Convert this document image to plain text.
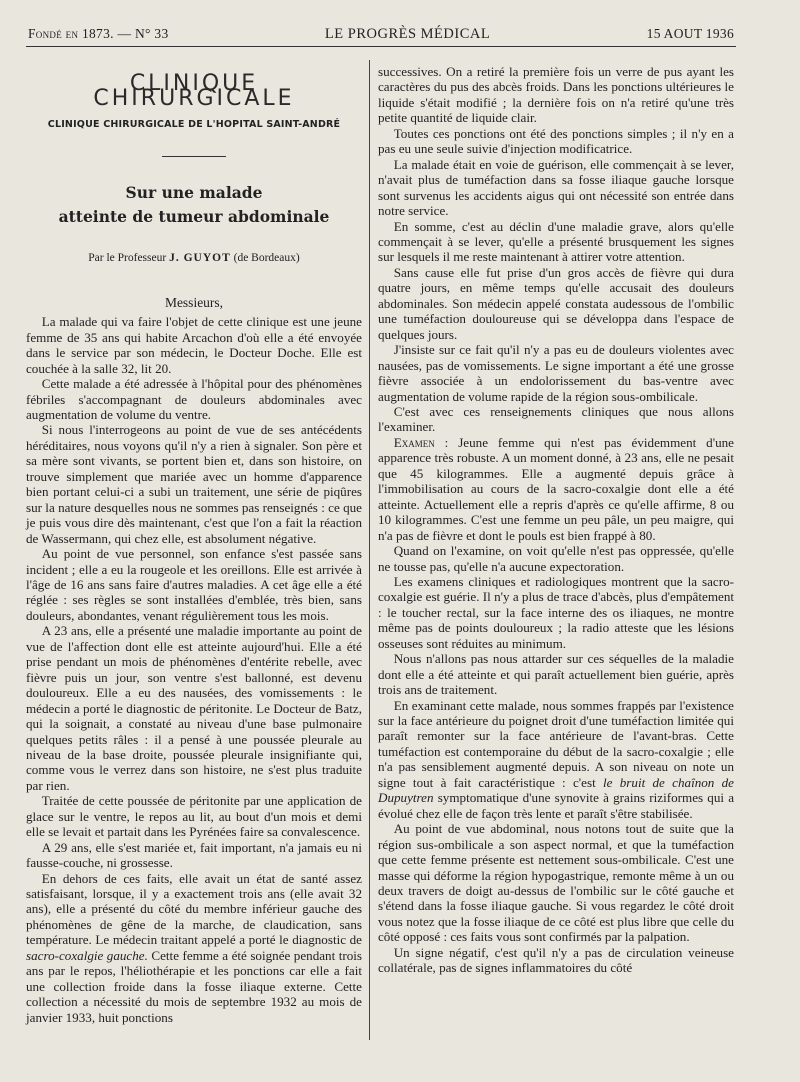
Fondé en 1873. — N° 33	LE PROGRÈS MÉDICAL	15 AOUT 1936
CLINIQUE CHIRURGICALE
CLINIQUE CHIRURGICALE DE L'HOPITAL SAINT-ANDRÉ
Sur une malade
atteinte de tumeur abdominale
Par le Professeur J. GUYOT (de Bordeaux)
Messieurs,

La malade qui va faire l'objet de cette clinique est une jeune femme de 35 ans qui habite Arcachon d'où elle a été envoyée dans le service par son médecin, le Docteur Doche. Elle est couchée à la salle 32, lit 20.

Cette malade a été adressée à l'hôpital pour des phénomènes fébriles s'accompagnant de douleurs abdominales avec augmentation de volume du ventre.

Si nous l'interrogeons au point de vue de ses antécédents héréditaires, nous voyons qu'il n'y a rien à signaler. Son père et sa mère sont vivants, se portent bien et, dans son histoire, on trouve simplement que mariée avec un homme d'apparence bien portant celui-ci a subi un traitement, une série de piqûres sur la nature desquelles nous ne sommes pas renseignés : ce que je puis vous dire dès maintenant, c'est que l'on a fait la réaction de Wassermann, qui chez elle, est absolument négative.

Au point de vue personnel, son enfance s'est passée sans incident ; elle a eu la rougeole et les oreillons. Elle est arrivée à l'âge de 16 ans sans faire d'autres maladies. A cet âge elle a été réglée : ses règles se sont installées d'emblée, très bien, sans douleurs, abondantes, venant régulièrement tous les mois.

A 23 ans, elle a présenté une maladie importante au point de vue de l'affection dont elle est atteinte aujourd'hui. Elle a été prise pendant un mois de phénomènes d'entérite rebelle, avec fièvre puis un jour, son ventre s'est ballonné, est devenu douloureux. Elle a eu des nausées, des vomissements : le médecin a porté le diagnostic de péritonite. Le Docteur de Batz, qui la soignait, a constaté au niveau d'une base pulmonaire quelques petits râles : il a pensé à une poussée pleurale au niveau de la base droite, poussée pleurale insignifiante qui, comme vous le verrez dans son histoire, ne s'est plus traduite par rien.

Traitée de cette poussée de péritonite par une application de glace sur le ventre, le repos au lit, au bout d'un mois et demi elle se levait et partait dans les Pyrénées faire sa convalescence.

A 29 ans, elle s'est mariée et, fait important, n'a jamais eu ni fausse-couche, ni grossesse.

En dehors de ces faits, elle avait un état de santé assez satisfaisant, lorsque, il y a exactement trois ans (elle avait 32 ans), elle a présenté du côté du membre inférieur gauche des phénomènes de gêne de la marche, de claudication, sans température. Le médecin traitant appelé a porté le diagnostic de sacro-coxalgie gauche. Cette femme a été soignée pendant trois ans par le repos, l'héliothérapie et les ponctions car elle a fait une collection froide dans la fosse iliaque externe. Cette collection a nécessité du mois de septembre 1932 au mois de janvier 1933, huit ponctions

successives. On a retiré la première fois un verre de pus ayant les caractères du pus des abcès froids. Dans les ponctions ultérieures le liquide s'était modifié ; la dernière fois on n'a retiré qu'une très petite quantité de liquide clair.

Toutes ces ponctions ont été des ponctions simples ; il n'y en a pas eu une seule suivie d'injection modificatrice.

La malade était en voie de guérison, elle commençait à se lever, n'avait plus de tuméfaction dans sa fosse iliaque gauche lorsque sont survenus les accidents aigus qui ont nécessité son entrée dans notre service.

En somme, c'est au déclin d'une maladie grave, alors qu'elle commençait à se lever, qu'elle a présenté brusquement les signes sur lesquels il me reste maintenant à attirer votre attention.

Sans cause elle fut prise d'un gros accès de fièvre qui dura quatre jours, en même temps qu'elle accusait des douleurs abdominales. Son médecin appelé constata audessous de l'ombilic une tuméfaction douloureuse qui se développa dans l'espace de quelques jours.

J'insiste sur ce fait qu'il n'y a pas eu de douleurs violentes avec nausées, pas de vomissements. Le signe important a été une grosse fièvre associée à un endolorissement du bas-ventre avec augmentation de volume rapide de la région sous-ombilicale.

C'est avec ces renseignements cliniques que nous allons l'examiner.

Examen : Jeune femme qui n'est pas évidemment d'une apparence très robuste. A un moment donné, à 23 ans, elle ne pesait que 45 kilogrammes. Elle a augmenté depuis grâce à l'immobilisation au cours de la sacro-coxalgie dont elle a été atteinte. Actuellement elle a repris d'après ce qu'elle affirme, 8 ou 10 kilogrammes. C'est une femme un peu pâle, un peu maigre, qui n'a pas de fièvre et dont le pouls est bien frappé à 80.

Quand on l'examine, on voit qu'elle n'est pas oppressée, qu'elle ne tousse pas, qu'elle n'a aucune expectoration.

Les examens cliniques et radiologiques montrent que la sacro-coxalgie est guérie. Il n'y a plus de trace d'abcès, plus d'empâtement : le toucher rectal, sur la face interne des os iliaques, ne montre même pas de points douloureux ; la radio atteste que les lésions osseuses sont réduites au minimum.

Nous n'allons pas nous attarder sur ces séquelles de la maladie dont elle a été atteinte et qui paraît actuellement bien guérie, après trois ans de traitement.

En examinant cette malade, nous sommes frappés par l'existence sur la face antérieure du poignet droit d'une tuméfaction limitée qui paraît remonter sur la face antérieure de l'avant-bras. Cette tuméfaction est contemporaine du début de la sacro-coxalgie ; elle n'a pas sensiblement augmenté depuis. A son niveau on note un signe tout à fait caractéristique : c'est le bruit de chaînon de Dupuytren symptomatique d'une synovite à grains riziformes qui a évolué chez elle de façon très lente et paraît s'être stabilisée.

Au point de vue abdominal, nous notons tout de suite que la région sus-ombilicale a son aspect normal, et que la tuméfaction que cette femme présente est nettement sous-ombilicale. C'est une masse qui déforme la région hypogastrique, remonte même à un ou deux travers de doigt au-dessus de l'ombilic sur le côté gauche et s'étend dans la fosse iliaque gauche. Si vous regardez le côté droit vous notez que la fosse iliaque de ce côté est plus libre que celle du côté opposé : ces faits vous sont confirmés par la palpation.

Un signe négatif, c'est qu'il n'y a pas de circulation veineuse collatérale, pas de signes inflammatoires du côté
